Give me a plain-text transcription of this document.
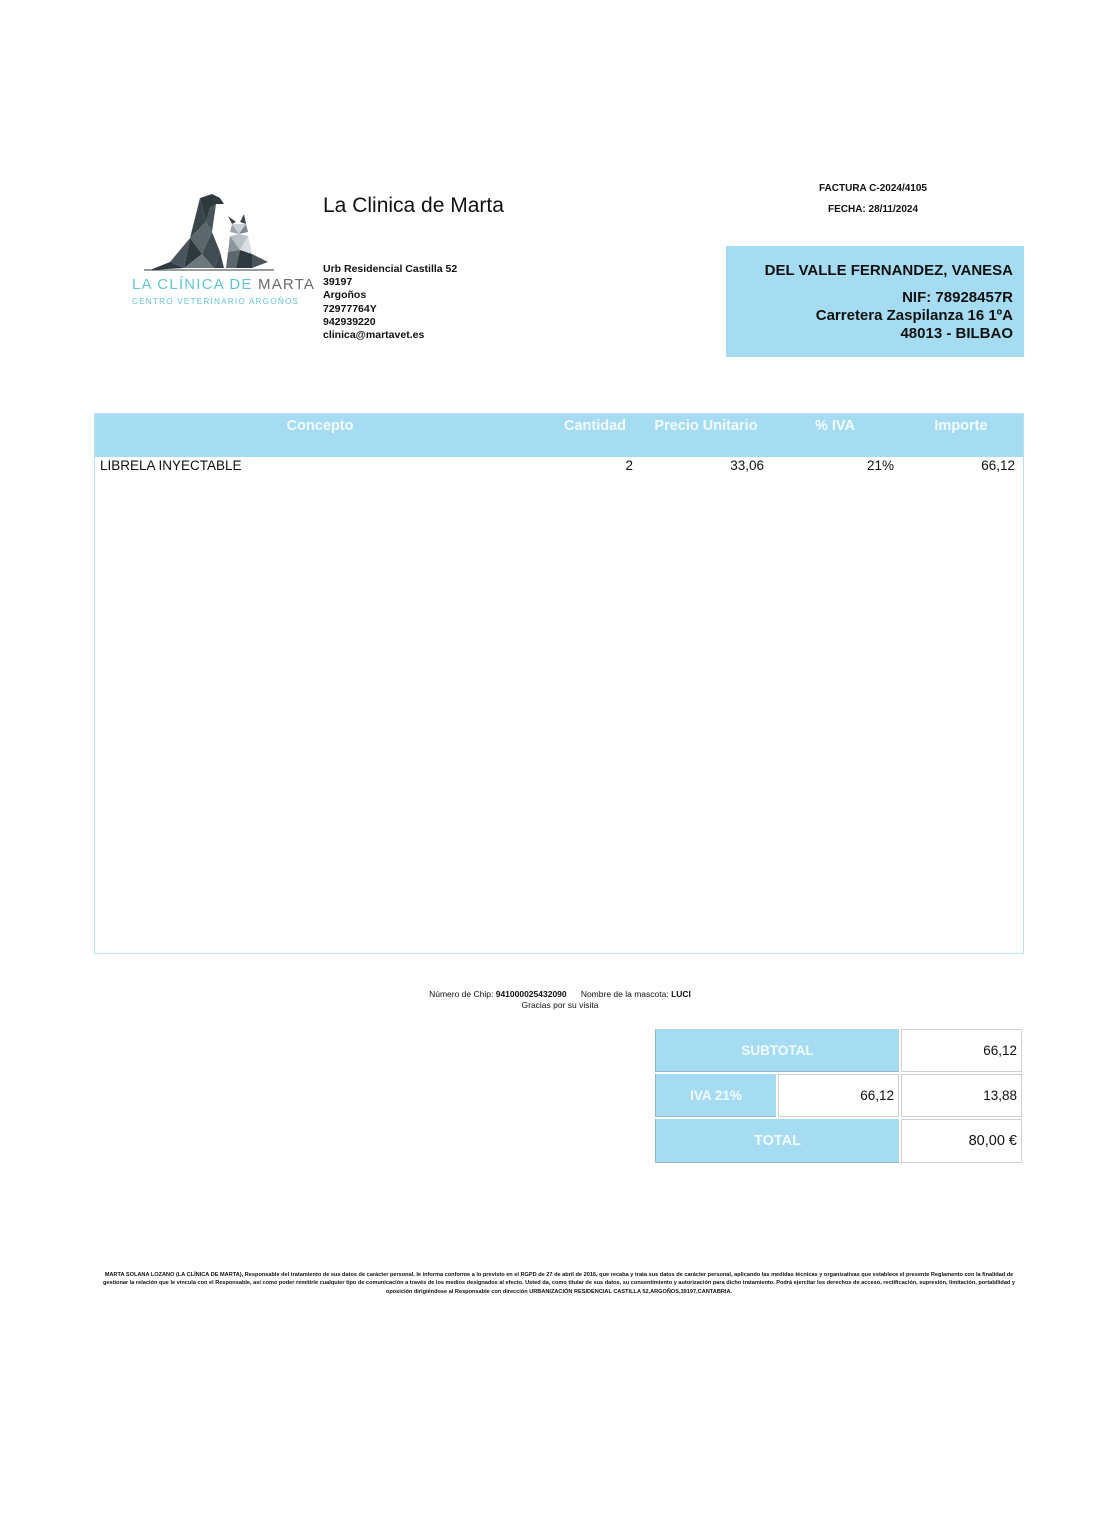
LA CLÍNICA DE MARTA
CENTRO VETERINARIO ARGOÑOS
La Clinica de Marta
Urb Residencial Castilla 52
39197
Argoños
72977764Y
942939220
clinica@martavet.es
FACTURA C-2024/4105
FECHA: 28/11/2024
DEL VALLE FERNANDEZ, VANESA
NIF: 78928457R
Carretera Zaspilanza 16 1ºA
48013 - BILBAO
Concepto	Cantidad	Precio Unitario	% IVA	Importe
LIBRELA INYECTABLE	2	33,06	21%	66,12
Número de Chip: 941000025432090 Nombre de la mascota: LUCI
Gracias por su visita
SUBTOTAL	66,12
IVA 21%	66,12	13,88
TOTAL	80,00 €
MARTA SOLANA LOZANO (LA CLÍNICA DE MARTA), Responsable del tratamiento de sus datos de carácter personal, le informa conforme a lo previsto en el RGPD de 27 de abril de 2016, que recaba y trata sus datos de carácter personal, aplicando las medidas técnicas y organizativas que establece el presente Reglamento con la finalidad de gestionar la relación que le vincula con el Responsable, así como poder remitirle cualquier tipo de comunicación a través de los medios designados al efecto. Usted da, como titular de sus datos, su consentimiento y autorización para dicho tratamiento. Podrá ejercitar los derechos de acceso, rectificación, supresión, limitación, portabilidad y oposición dirigiéndose al Responsable con dirección URBANIZACIÓN RESIDENCIAL CASTILLA 52,ARGOÑOS,39197,CANTABRIA.
